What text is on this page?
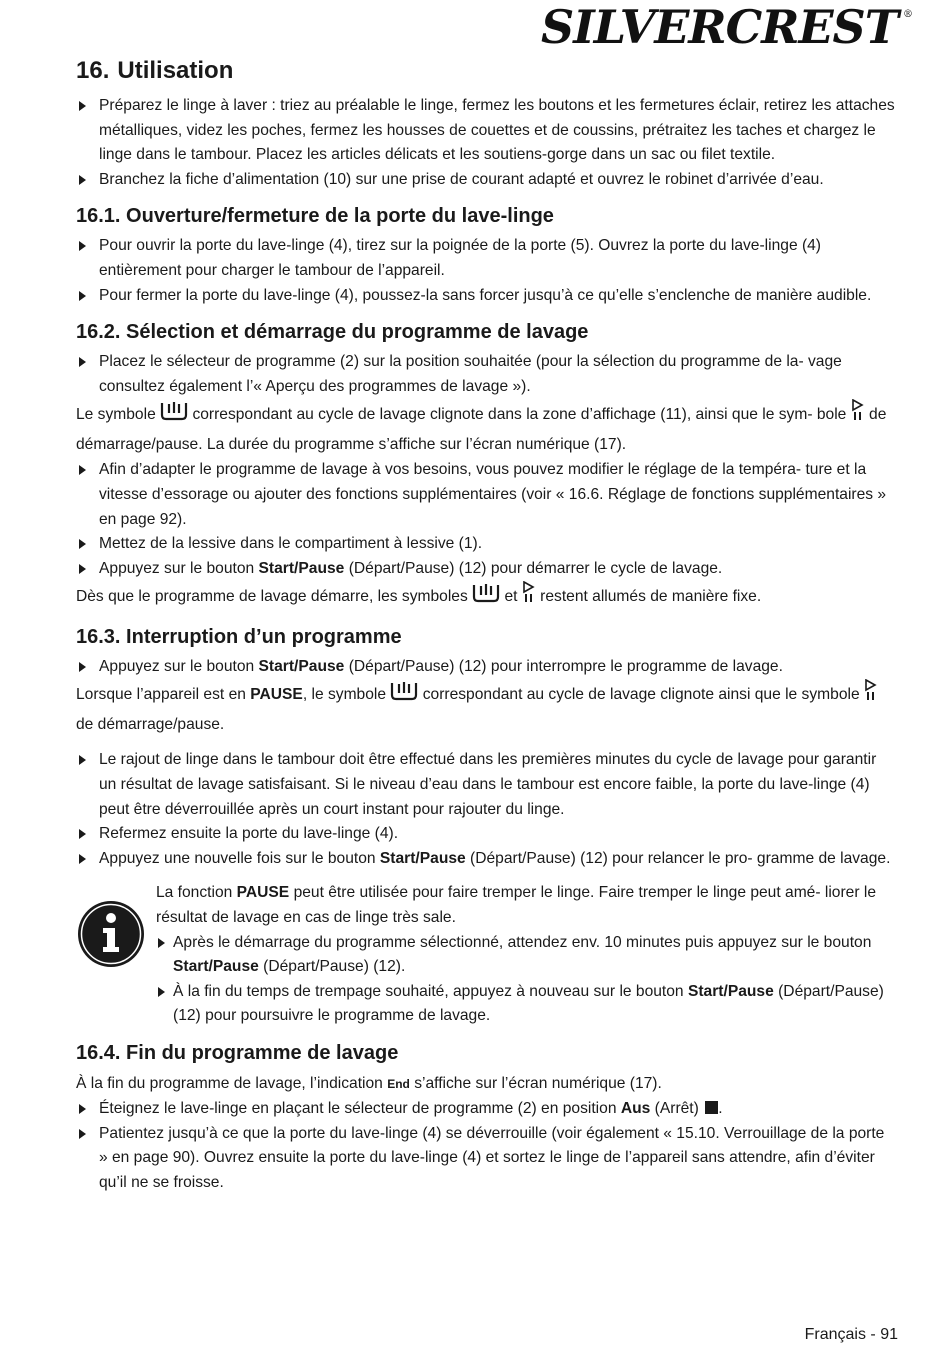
SILVERCREST ®
16. Utilisation
Préparez le linge à laver : triez au préalable le linge, fermez les boutons et les fermetures éclair, retirez les attaches métalliques, videz les poches, fermez les housses de couettes et de coussins, prétraitez les taches et chargez le linge dans le tambour. Placez les articles délicats et les soutiens-gorge dans un sac ou filet textile.
Branchez la fiche d’alimentation (10) sur une prise de courant adapté et ouvrez le robinet d’arrivée d’eau.
16.1. Ouverture/fermeture de la porte du lave-linge
Pour ouvrir la porte du lave-linge (4), tirez sur la poignée de la porte (5). Ouvrez la porte du lave-linge (4) entièrement pour charger le tambour de l’appareil.
Pour fermer la porte du lave-linge (4), poussez-la sans forcer jusqu’à ce qu’elle s’enclenche de manière audible.
16.2. Sélection et démarrage du programme de lavage
Placez le sélecteur de programme (2) sur la position souhaitée (pour la sélection du programme de la- vage consultez également l’« Aperçu des programmes de lavage »).

Le symbole correspondant au cycle de lavage clignote dans la zone d’affichage (11), ainsi que le sym- bole de démarrage/pause. La durée du programme s’affiche sur l’écran numérique (17).

Afin d’adapter le programme de lavage à vos besoins, vous pouvez modifier le réglage de la tempéra- ture et la vitesse d’essorage ou ajouter des fonctions supplémentaires (voir « 16.6. Réglage de fonctions supplémentaires » en page 92).
Mettez de la lessive dans le compartiment à lessive (1).
Appuyez sur le bouton Start/Pause (Départ/Pause) (12) pour démarrer le cycle de lavage.

Dès que le programme de lavage démarre, les symboles et restent allumés de manière fixe.

16.3. Interruption d’un programme
Appuyez sur le bouton Start/Pause (Départ/Pause) (12) pour interrompre le programme de lavage.

Lorsque l’appareil est en PAUSE, le symbole correspondant au cycle de lavage clignote ainsi que le symbole  de démarrage/pause.

Le rajout de linge dans le tambour doit être effectué dans les premières minutes du cycle de lavage pour garantir un résultat de lavage satisfaisant. Si le niveau d’eau dans le tambour est encore faible, la porte du lave-linge (4) peut être déverrouillée après un court instant pour rajouter du linge.
Refermez ensuite la porte du lave-linge (4).
Appuyez une nouvelle fois sur le bouton Start/Pause (Départ/Pause) (12) pour relancer le pro- gramme de lavage.

La fonction PAUSE peut être utilisée pour faire tremper le linge. Faire tremper le linge peut amé- liorer le résultat de lavage en cas de linge très sale.

Après le démarrage du programme sélectionné, attendez env. 10 minutes puis appuyez sur le bouton Start/Pause (Départ/Pause) (12).
À la fin du temps de trempage souhaité, appuyez à nouveau sur le bouton Start/Pause (Départ/Pause) (12) pour poursuivre le programme de lavage.
16.4. Fin du programme de lavage

À la fin du programme de lavage, l’indication End s’affiche sur l’écran numérique (17).

Éteignez le lave-linge en plaçant le sélecteur de programme (2) en position Aus (Arrêt) .
Patientez jusqu’à ce que la porte du lave-linge (4) se déverrouille (voir également « 15.10. Verrouillage de la porte » en page 90). Ouvrez ensuite la porte du lave-linge (4) et sortez le linge de l’appareil sans attendre, afin d’éviter qu’il ne se froisse.
Français - 91
